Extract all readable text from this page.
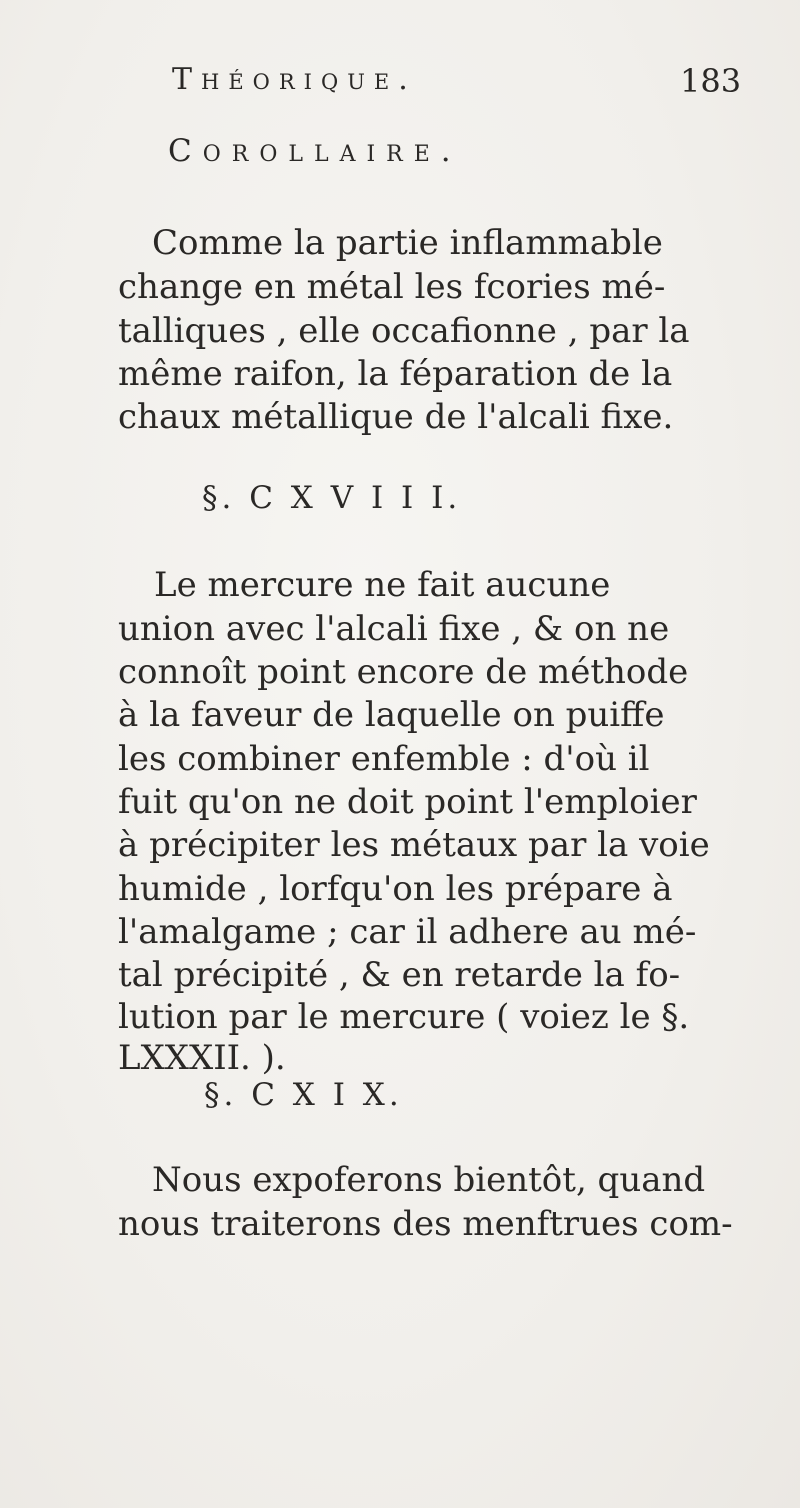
Théorique.	183
Corollaire.
Comme la partie inflammable
change en métal les fcories mé-
talliques , elle occafionne , par la
même raifon, la féparation de la
chaux métallique de l'alcali fixe.
§. C X V I I I.
Le mercure ne fait aucune
union avec l'alcali fixe , & on ne
connoît point encore de méthode
à la faveur de laquelle on puiffe
les combiner enfemble : d'où il
fuit qu'on ne doit point l'emploier
à précipiter les métaux par la voie
humide , lorfqu'on les prépare à
l'amalgame ; car il adhere au mé-
tal précipité , & en retarde la fo-
lution par le mercure ( voiez le §.
LXXXII. ).
§. C X I X.
Nous expoferons bientôt, quand
nous traiterons des menftrues com-
